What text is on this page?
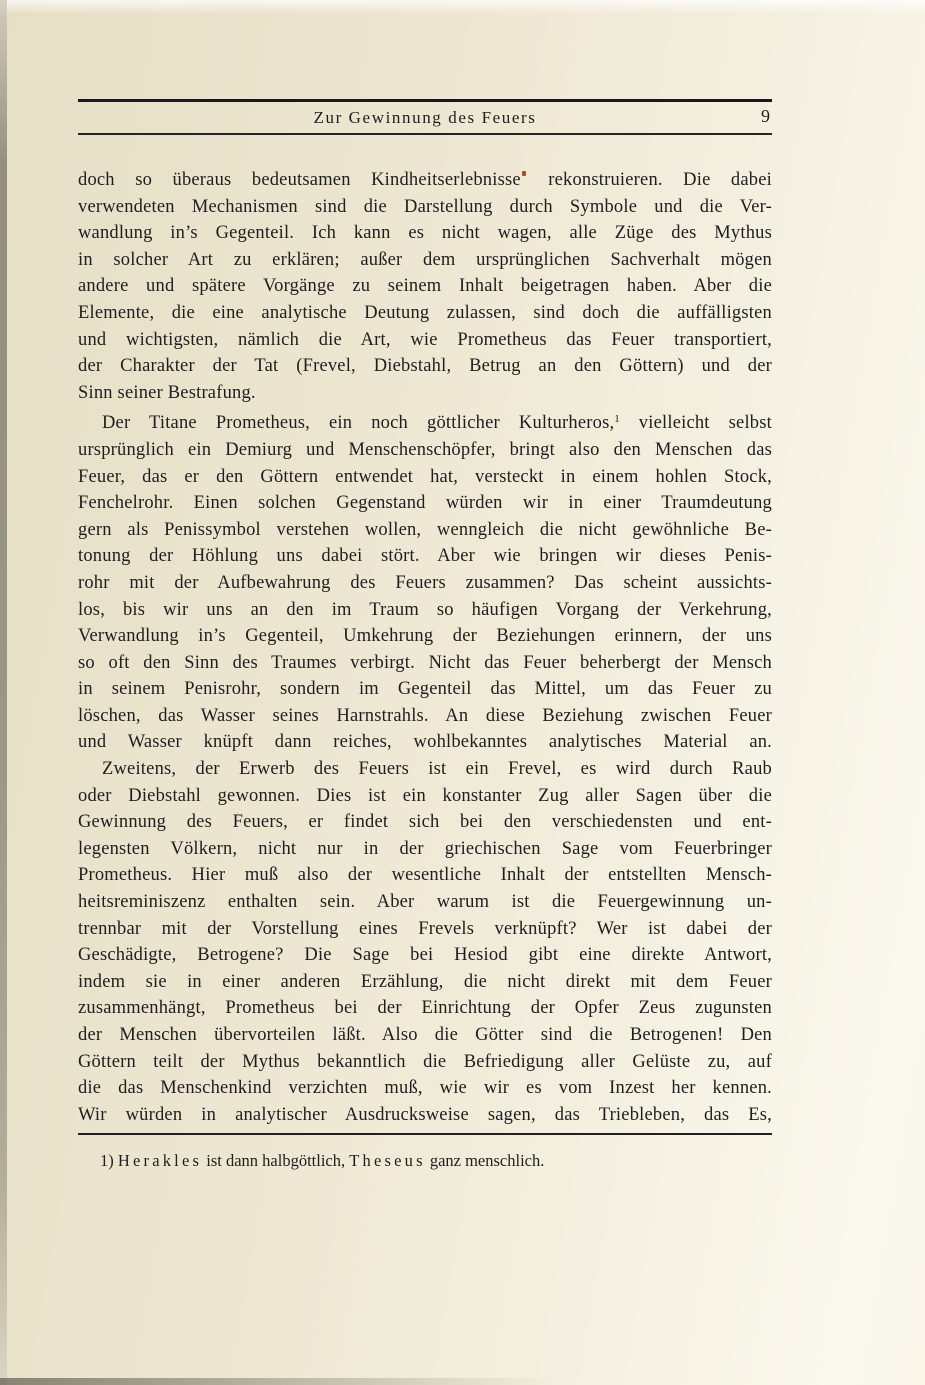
Zur Gewinnung des Feuers	9
doch so überaus bedeutsamen Kindheitserlebnisse rekonstruieren. Die dabei
verwendeten Mechanismen sind die Darstellung durch Symbole und die Ver-
wandlung in’s Gegenteil. Ich kann es nicht wagen, alle Züge des Mythus
in solcher Art zu erklären; außer dem ursprünglichen Sachverhalt mögen
andere und spätere Vorgänge zu seinem Inhalt beigetragen haben. Aber die
Elemente, die eine analytische Deutung zulassen, sind doch die auffälligsten
und wichtigsten, nämlich die Art, wie Prometheus das Feuer transportiert,
der Charakter der Tat (Frevel, Diebstahl, Betrug an den Göttern) und der
Sinn seiner Bestrafung.
Der Titane Prometheus, ein noch göttlicher Kulturheros,$^1$ vielleicht selbst
ursprünglich ein Demiurg und Menschenschöpfer, bringt also den Menschen das
Feuer, das er den Göttern entwendet hat, versteckt in einem hohlen Stock,
Fenchelrohr. Einen solchen Gegenstand würden wir in einer Traumdeutung
gern als Penissymbol verstehen wollen, wenngleich die nicht gewöhnliche Be-
tonung der Höhlung uns dabei stört. Aber wie bringen wir dieses Penis-
rohr mit der Aufbewahrung des Feuers zusammen? Das scheint aussichts-
los, bis wir uns an den im Traum so häufigen Vorgang der Verkehrung,
Verwandlung in’s Gegenteil, Umkehrung der Beziehungen erinnern, der uns
so oft den Sinn des Traumes verbirgt. Nicht das Feuer beherbergt der Mensch
in seinem Penisrohr, sondern im Gegenteil das Mittel, um das Feuer zu
löschen, das Wasser seines Harnstrahls. An diese Beziehung zwischen Feuer
und Wasser knüpft dann reiches, wohlbekanntes analytisches Material an.
Zweitens, der Erwerb des Feuers ist ein Frevel, es wird durch Raub
oder Diebstahl gewonnen. Dies ist ein konstanter Zug aller Sagen über die
Gewinnung des Feuers, er findet sich bei den verschiedensten und ent-
legensten Völkern, nicht nur in der griechischen Sage vom Feuerbringer
Prometheus. Hier muß also der wesentliche Inhalt der entstellten Mensch-
heitsreminiszenz enthalten sein. Aber warum ist die Feuergewinnung un-
trennbar mit der Vorstellung eines Frevels verknüpft? Wer ist dabei der
Geschädigte, Betrogene? Die Sage bei Hesiod gibt eine direkte Antwort,
indem sie in einer anderen Erzählung, die nicht direkt mit dem Feuer
zusammenhängt, Prometheus bei der Einrichtung der Opfer Zeus zugunsten
der Menschen übervorteilen läßt. Also die Götter sind die Betrogenen! Den
Göttern teilt der Mythus bekanntlich die Befriedigung aller Gelüste zu, auf
die das Menschenkind verzichten muß, wie wir es vom Inzest her kennen.
Wir würden in analytischer Ausdrucksweise sagen, das Triebleben, das Es,
1) Herakles ist dann halbgöttlich, Theseus ganz menschlich.
